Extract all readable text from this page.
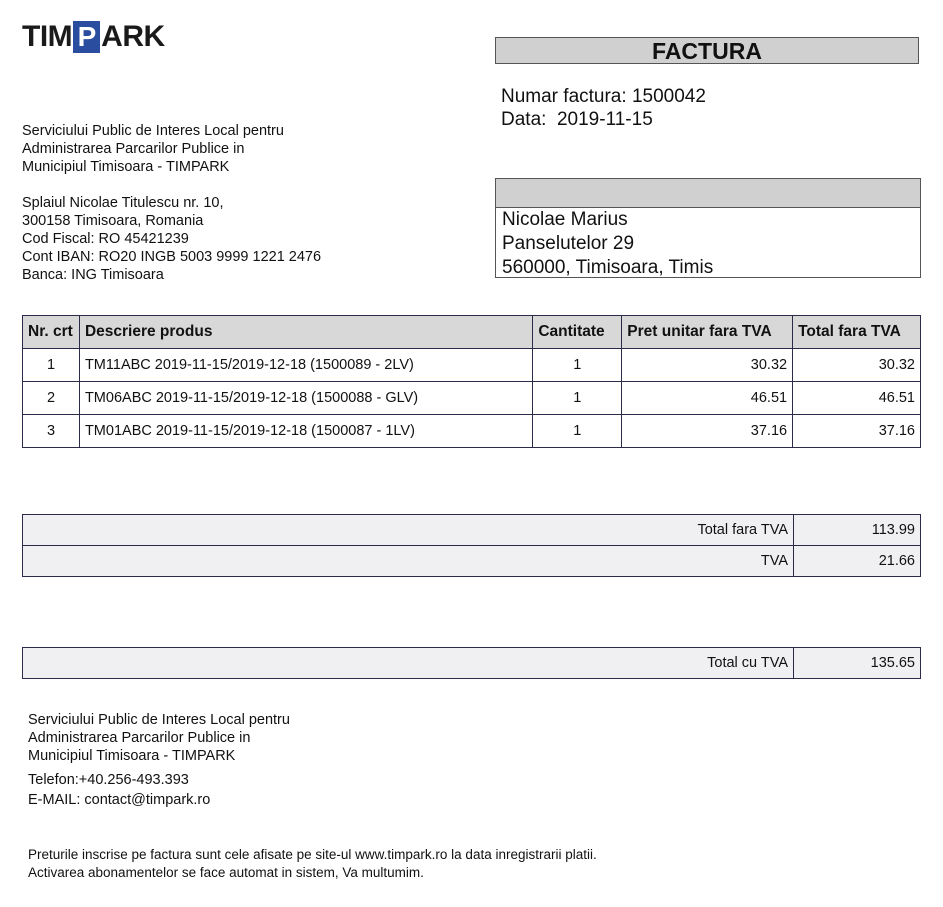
TIM P ARK	FACTURA
Numar factura: 1500042
Data: 2019-11-15
Serviciului Public de Interes Local pentru
Administrarea Parcarilor Publice in
Municipiul Timisoara - TIMPARK
Splaiul Nicolae Titulescu nr. 10,
300158 Timisoara, Romania
Cod Fiscal: RO 45421239
Cont IBAN: RO20 INGB 5003 9999 1221 2476
Banca: ING Timisoara
Nicolae Marius
Panselutelor 29
560000, Timisoara, Timis
Nr. crt	Descriere produs	Cantitate	Pret unitar fara TVA	Total fara TVA
1	TM11ABC 2019-11-15/2019-12-18 (1500089 - 2LV)	1	30.32	30.32
2	TM06ABC 2019-11-15/2019-12-18 (1500088 - GLV)	1	46.51	46.51
3	TM01ABC 2019-11-15/2019-12-18 (1500087 - 1LV)	1	37.16	37.16
Total fara TVA	113.99
TVA	21.66
Total cu TVA	135.65
Serviciului Public de Interes Local pentru
Administrarea Parcarilor Publice in
Municipiul Timisoara - TIMPARK
Telefon:+40.256-493.393
E-MAIL: contact@timpark.ro
Preturile inscrise pe factura sunt cele afisate pe site-ul www.timpark.ro la data inregistrarii platii.
Activarea abonamentelor se face automat in sistem, Va multumim.
